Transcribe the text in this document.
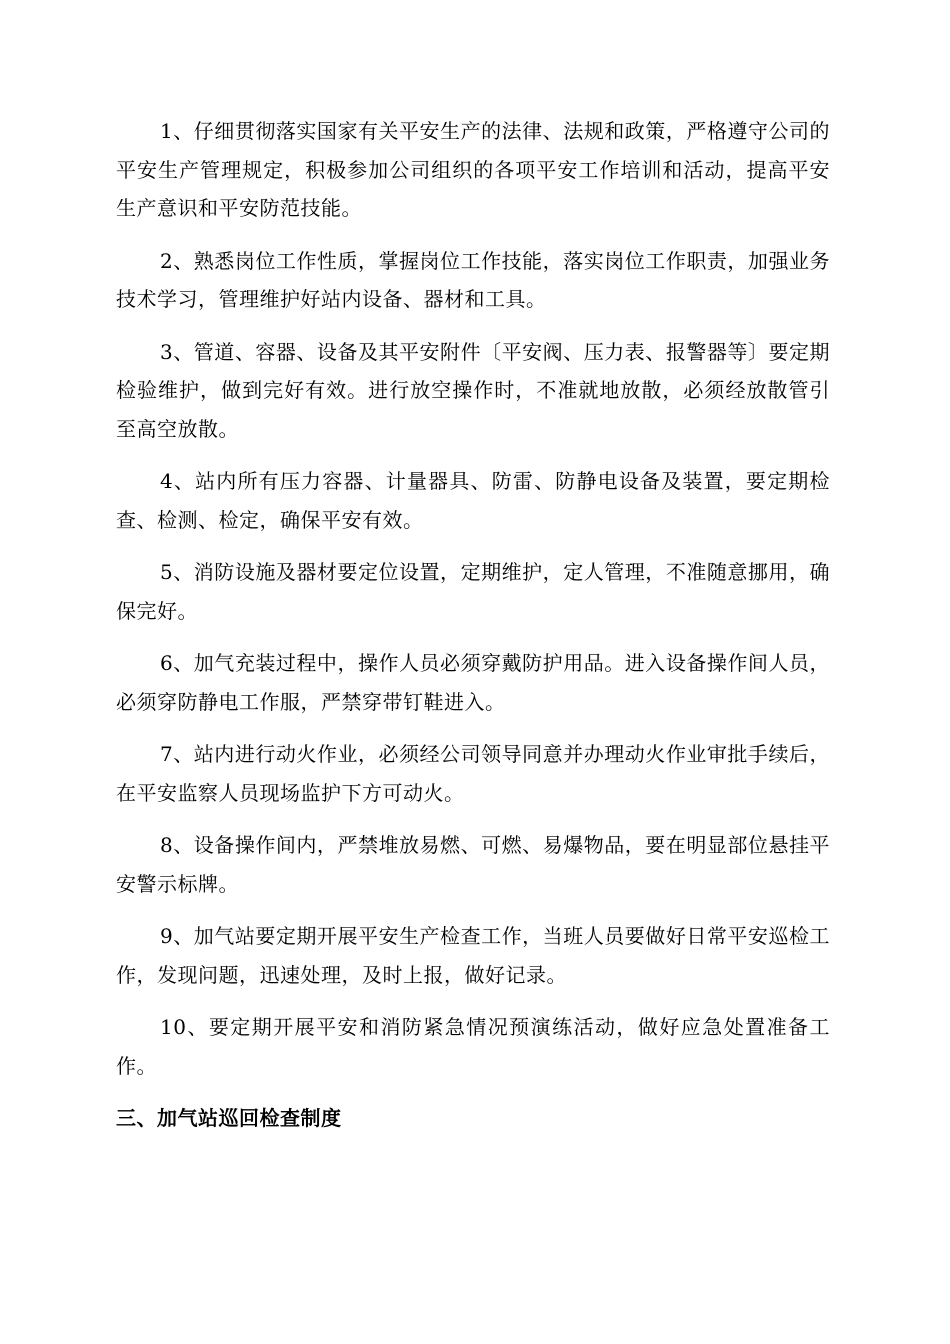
1、仔细贯彻落实国家有关平安生产的法律、法规和政策，严格遵守公司的平安生产管理规定，积极参加公司组织的各项平安工作培训和活动，提高平安生产意识和平安防范技能。

2、熟悉岗位工作性质，掌握岗位工作技能，落实岗位工作职责，加强业务技术学习，管理维护好站内设备、器材和工具。

3、管道、容器、设备及其平安附件〔平安阀、压力表、报警器等〕要定期检验维护，做到完好有效。进行放空操作时，不准就地放散，必须经放散管引至高空放散。

4、站内所有压力容器、计量器具、防雷、防静电设备及装置，要定期检查、检测、检定，确保平安有效。

5、消防设施及器材要定位设置，定期维护，定人管理，不准随意挪用，确保完好。

6、加气充装过程中，操作人员必须穿戴防护用品。进入设备操作间人员，必须穿防静电工作服，严禁穿带钉鞋进入。

7、站内进行动火作业，必须经公司领导同意并办理动火作业审批手续后，在平安监察人员现场监护下方可动火。

8、设备操作间内，严禁堆放易燃、可燃、易爆物品，要在明显部位悬挂平安警示标牌。

9、加气站要定期开展平安生产检查工作，当班人员要做好日常平安巡检工作，发现问题，迅速处理，及时上报，做好记录。

10、要定期开展平安和消防紧急情况预演练活动，做好应急处置准备工作。

三、加气站巡回检查制度
